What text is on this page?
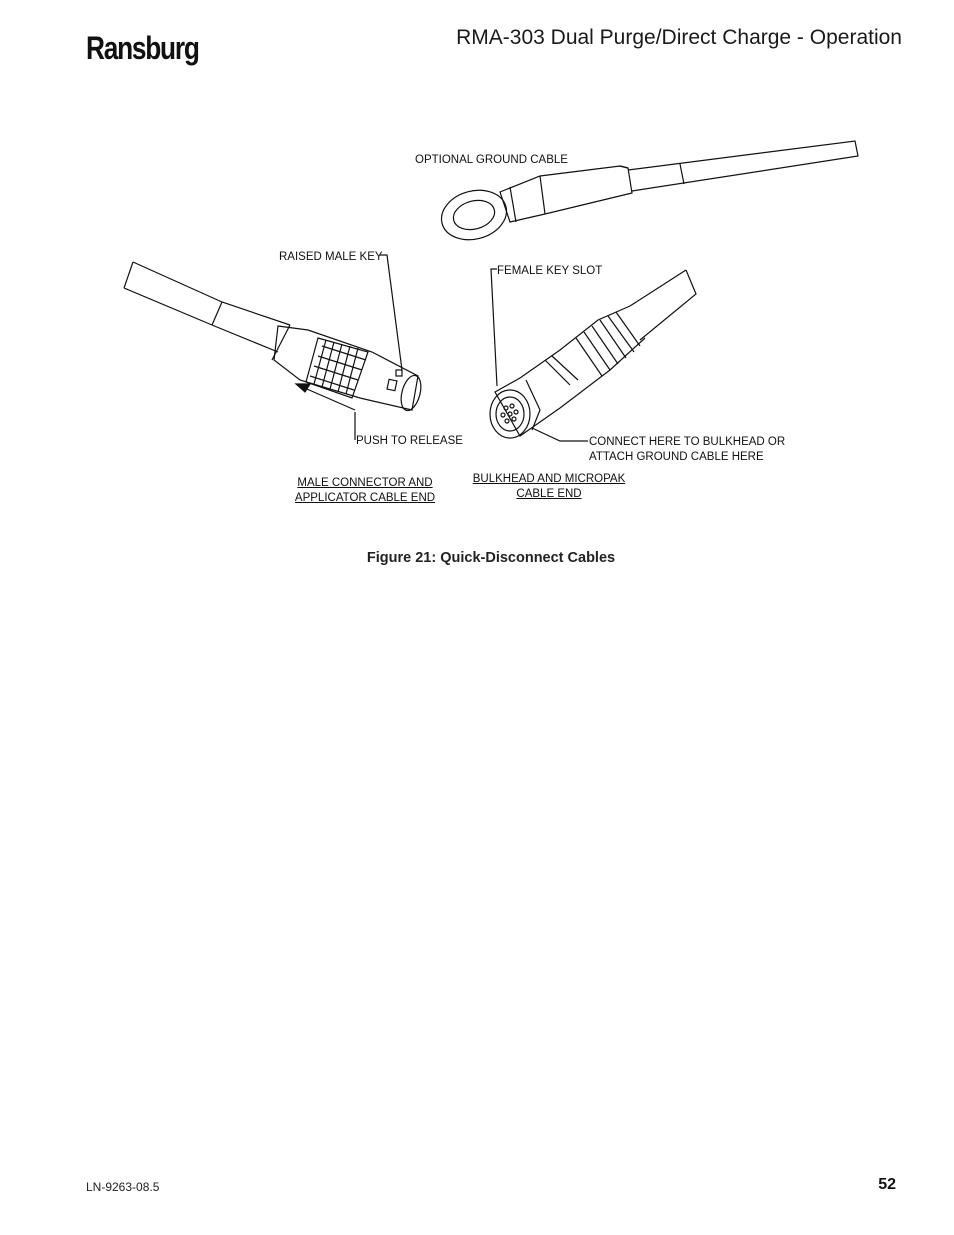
Ransburg	RMA-303 Dual Purge/Direct Charge - Operation
OPTIONAL GROUND CABLE
RAISED MALE KEY
FEMALE KEY SLOT
PUSH TO RELEASE	CONNECT HERE TO BULKHEAD OR
ATTACH GROUND CABLE HERE
MALE CONNECTOR AND
APPLICATOR CABLE END
BULKHEAD AND MICROPAK
CABLE END
Figure 21: Quick-Disconnect Cables
LN-9263-08.5	52
